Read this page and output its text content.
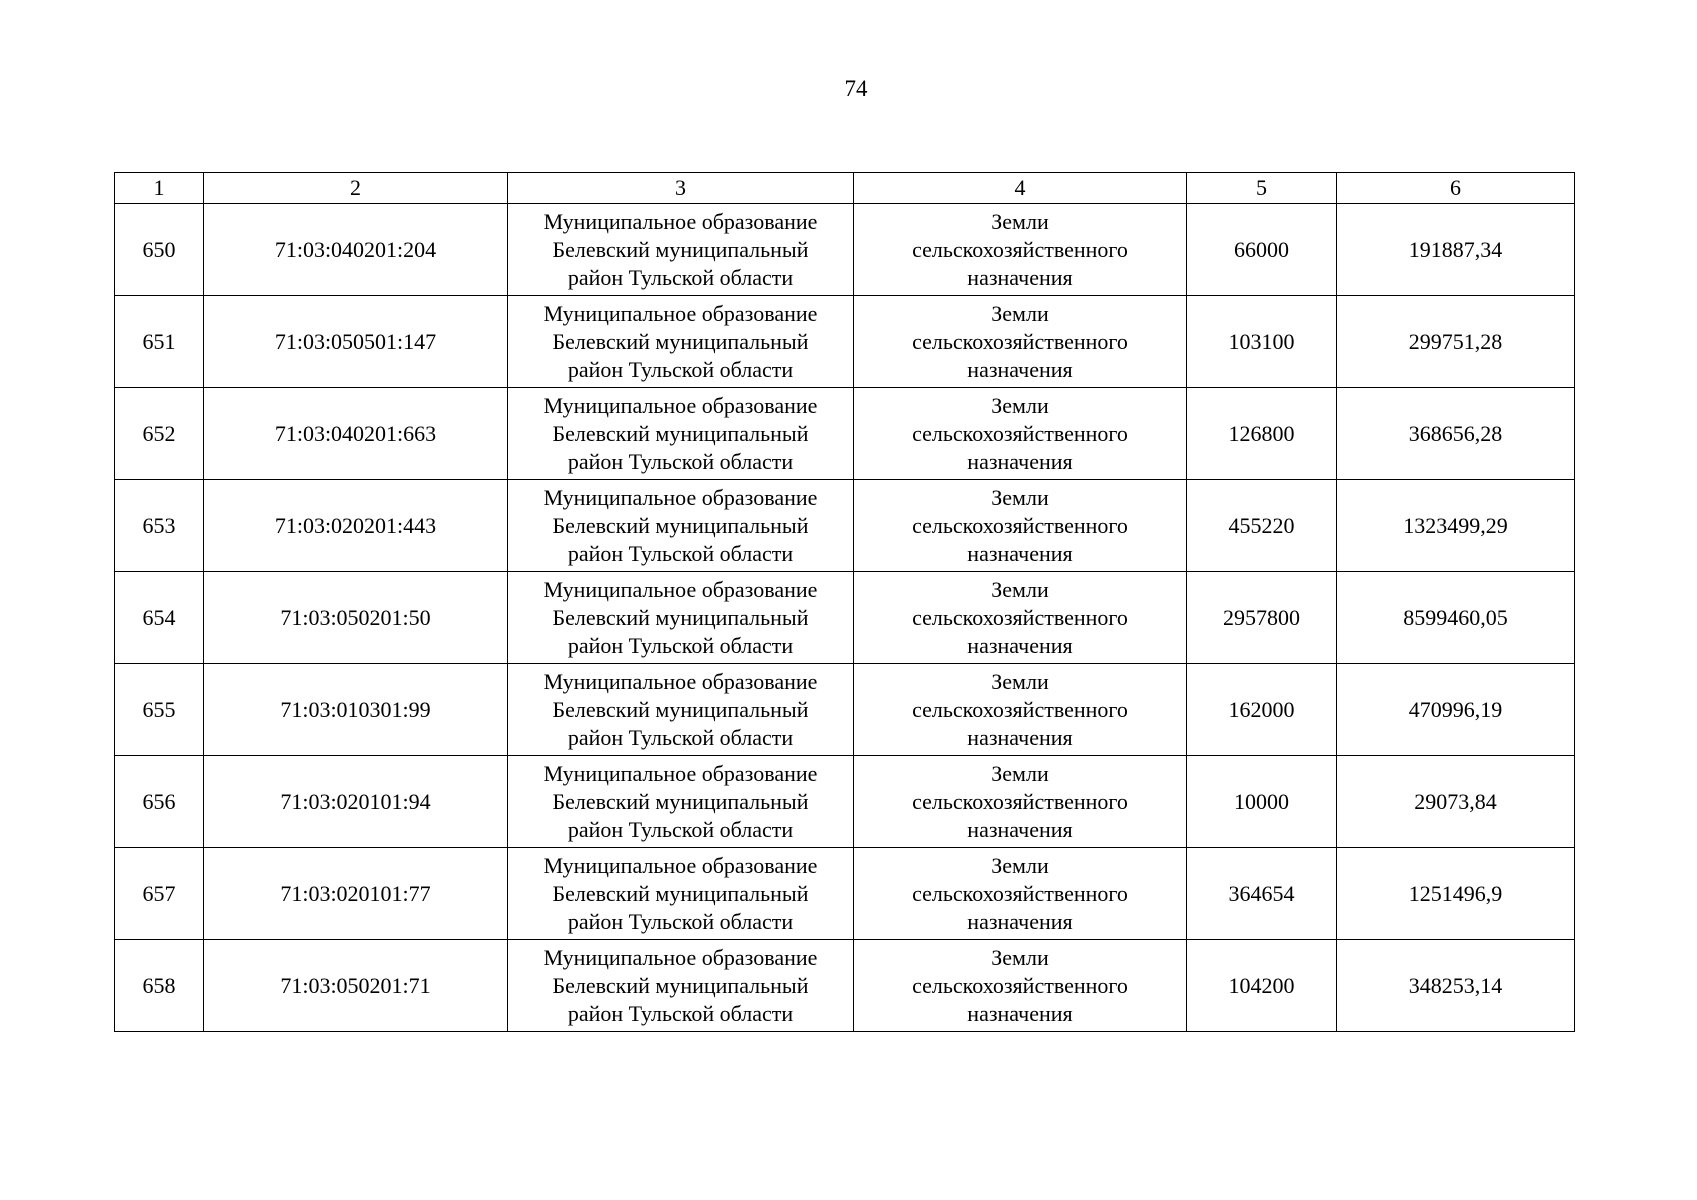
74
1	2	3	4	5	6
650	71:03:040201:204	Муниципальное образование
Белевский муниципальный
район Тульской области	Земли
сельскохозяйственного
назначения	66000	191887,34
651	71:03:050501:147	Муниципальное образование
Белевский муниципальный
район Тульской области	Земли
сельскохозяйственного
назначения	103100	299751,28
652	71:03:040201:663	Муниципальное образование
Белевский муниципальный
район Тульской области	Земли
сельскохозяйственного
назначения	126800	368656,28
653	71:03:020201:443	Муниципальное образование
Белевский муниципальный
район Тульской области	Земли
сельскохозяйственного
назначения	455220	1323499,29
654	71:03:050201:50	Муниципальное образование
Белевский муниципальный
район Тульской области	Земли
сельскохозяйственного
назначения	2957800	8599460,05
655	71:03:010301:99	Муниципальное образование
Белевский муниципальный
район Тульской области	Земли
сельскохозяйственного
назначения	162000	470996,19
656	71:03:020101:94	Муниципальное образование
Белевский муниципальный
район Тульской области	Земли
сельскохозяйственного
назначения	10000	29073,84
657	71:03:020101:77	Муниципальное образование
Белевский муниципальный
район Тульской области	Земли
сельскохозяйственного
назначения	364654	1251496,9
658	71:03:050201:71	Муниципальное образование
Белевский муниципальный
район Тульской области	Земли
сельскохозяйственного
назначения	104200	348253,14
